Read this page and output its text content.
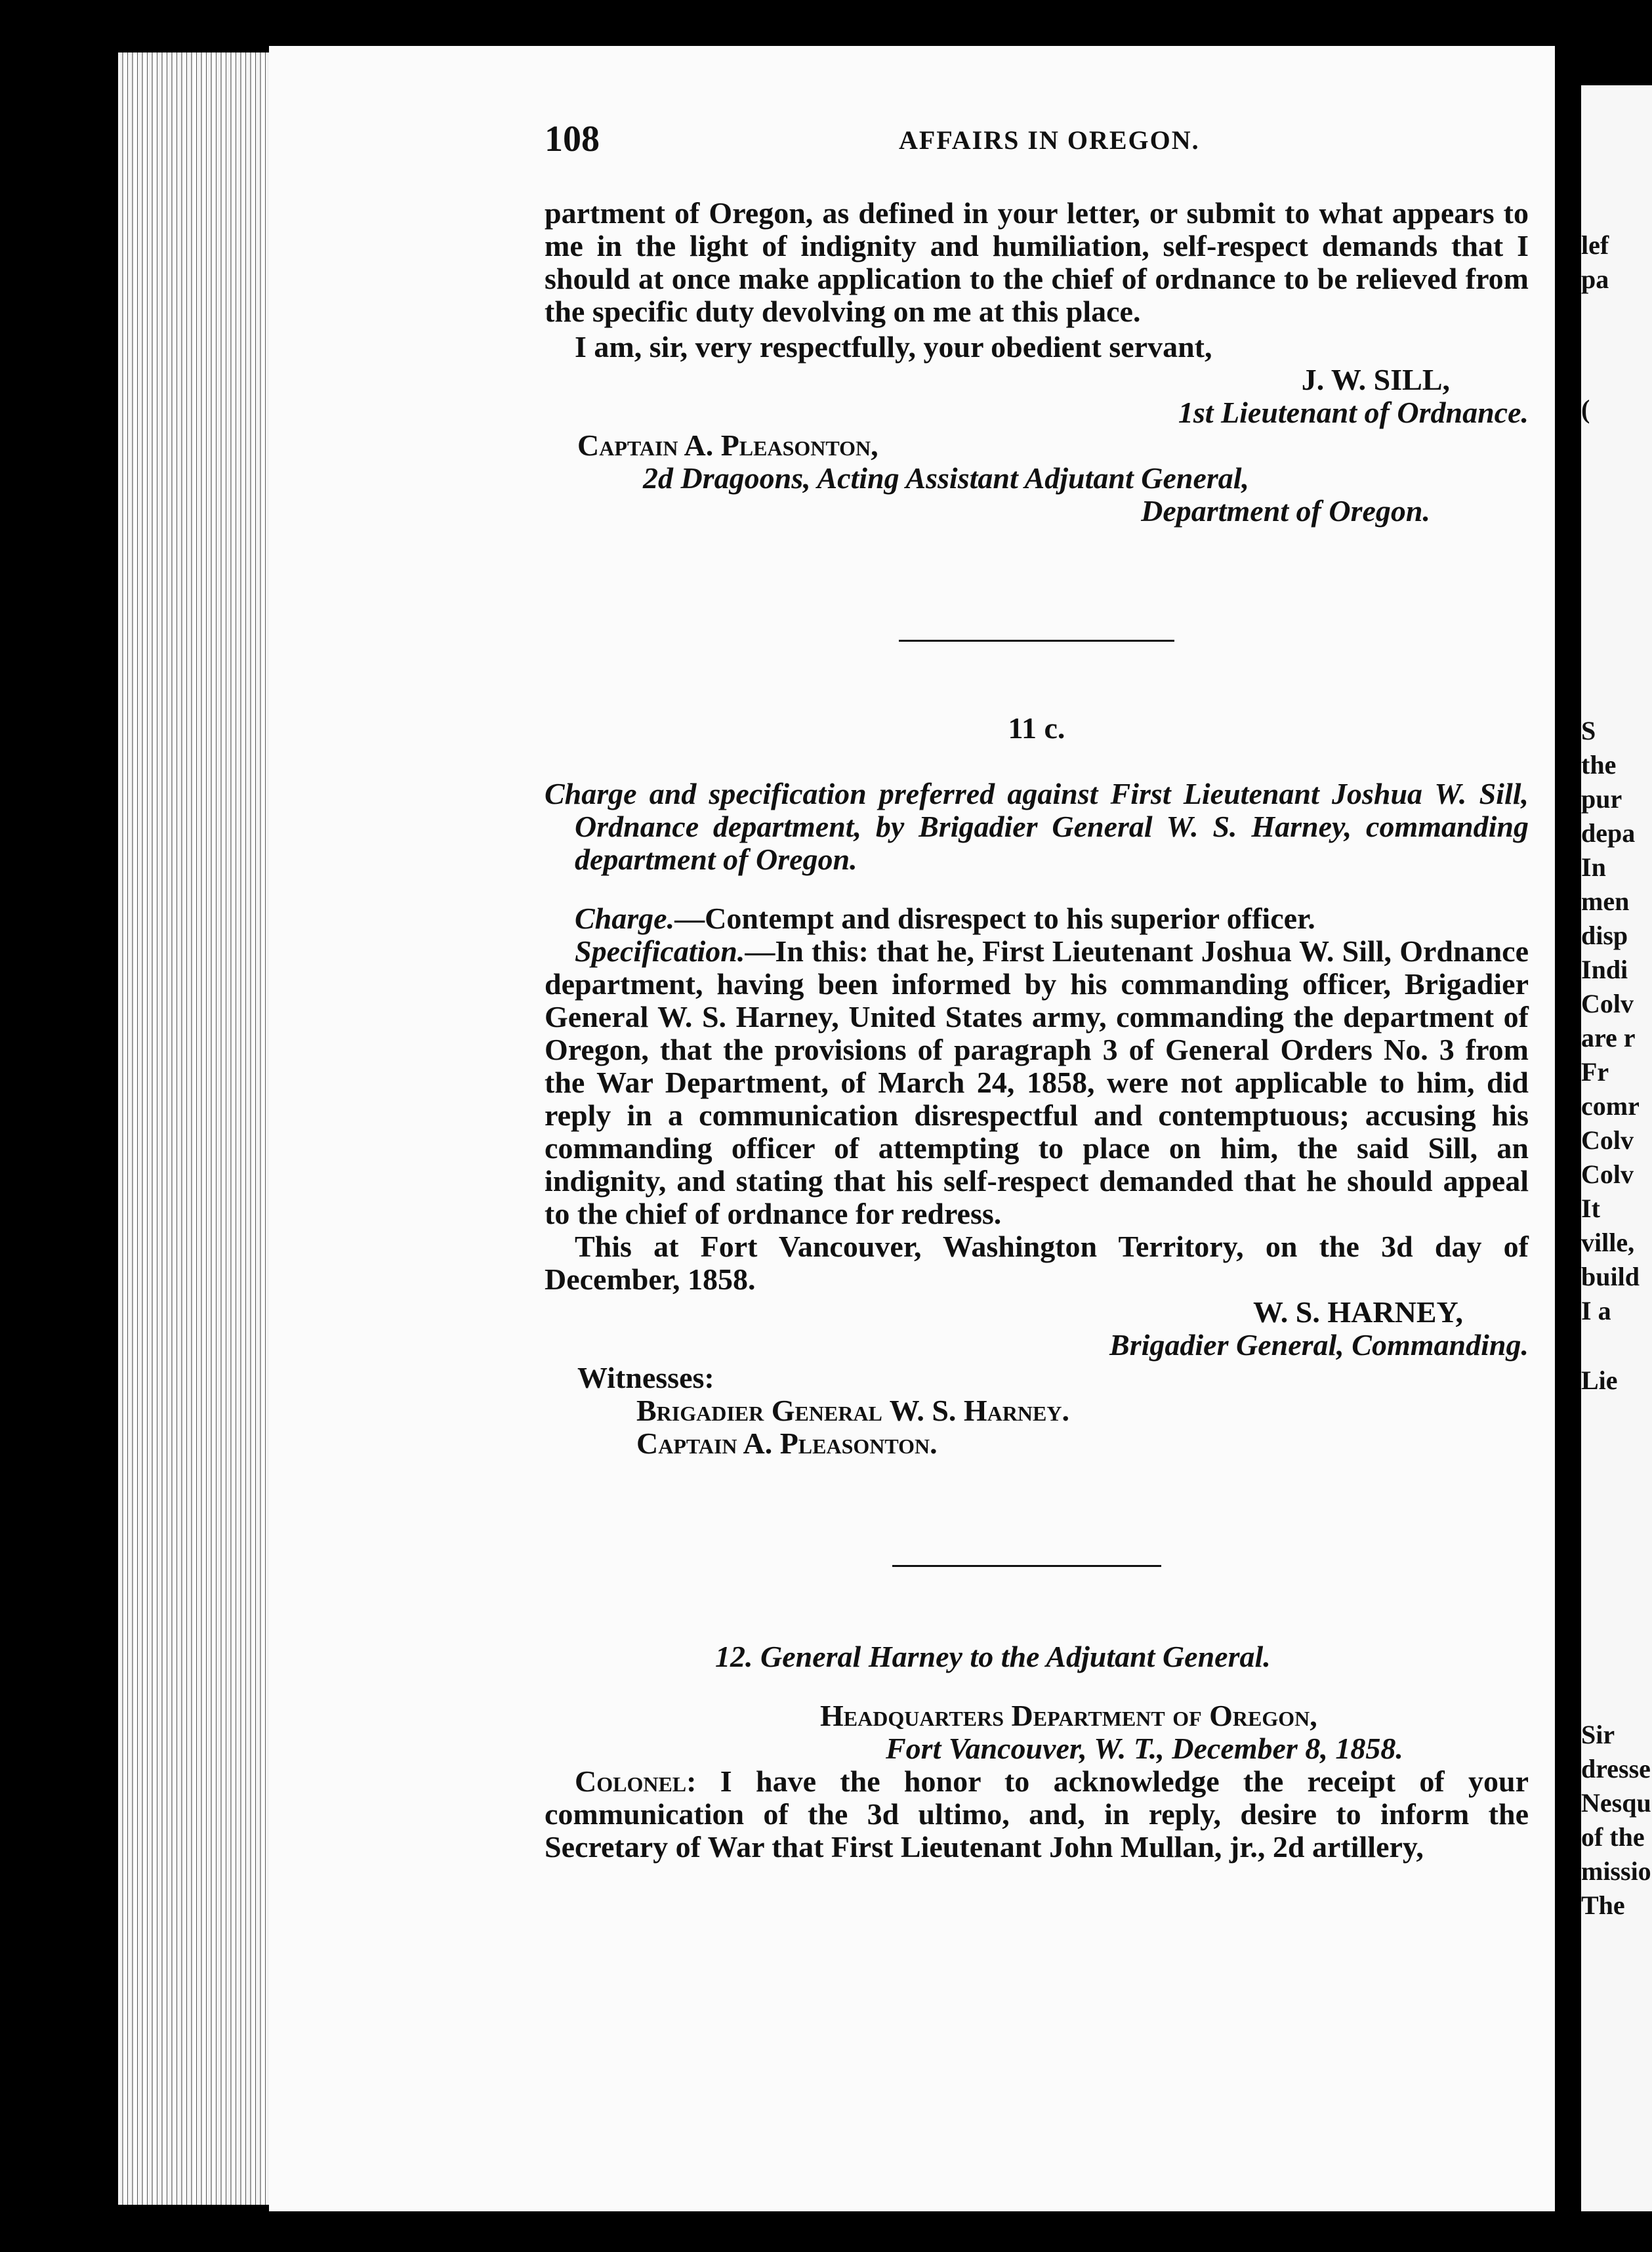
lef
pa
(
S
the
pur
depa
In
men
disp
Indi
Colv
are r
Fr
comr
Colv
Colv
It
ville,
build
I a
Lie
Sir
dresse
Nesqu
of the
missio
The
108	AFFAIRS IN OREGON.
partment of Oregon, as defined in your letter, or submit to what appears to me in the light of indignity and humiliation, self-respect demands that I should at once make application to the chief of ordnance to be relieved from the specific duty devolving on me at this place.
I am, sir, very respectfully, your obedient servant,
J. W. SILL,
1st Lieutenant of Ordnance.
Captain A. Pleasonton,
2d Dragoons, Acting Assistant Adjutant General,
Department of Oregon.
11 c.
Charge and specification preferred against First Lieutenant Joshua W. Sill, Ordnance department, by Brigadier General W. S. Harney, commanding department of Oregon.
Charge.—Contempt and disrespect to his superior officer.
Specification.—In this: that he, First Lieutenant Joshua W. Sill, Ordnance department, having been informed by his commanding officer, Brigadier General W. S. Harney, United States army, commanding the department of Oregon, that the provisions of paragraph 3 of General Orders No. 3 from the War Department, of March 24, 1858, were not applicable to him, did reply in a communication disrespectful and contemptuous; accusing his commanding officer of attempting to place on him, the said Sill, an indignity, and stating that his self-respect demanded that he should appeal to the chief of ordnance for redress.
This at Fort Vancouver, Washington Territory, on the 3d day of December, 1858.
W. S. HARNEY,
Brigadier General, Commanding.
Witnesses:
Brigadier General W. S. Harney.
Captain A. Pleasonton.
12. General Harney to the Adjutant General.
Headquarters Department of Oregon,
Fort Vancouver, W. T., December 8, 1858.
Colonel: I have the honor to acknowledge the receipt of your communication of the 3d ultimo, and, in reply, desire to inform the Secretary of War that First Lieutenant John Mullan, jr., 2d artillery,
